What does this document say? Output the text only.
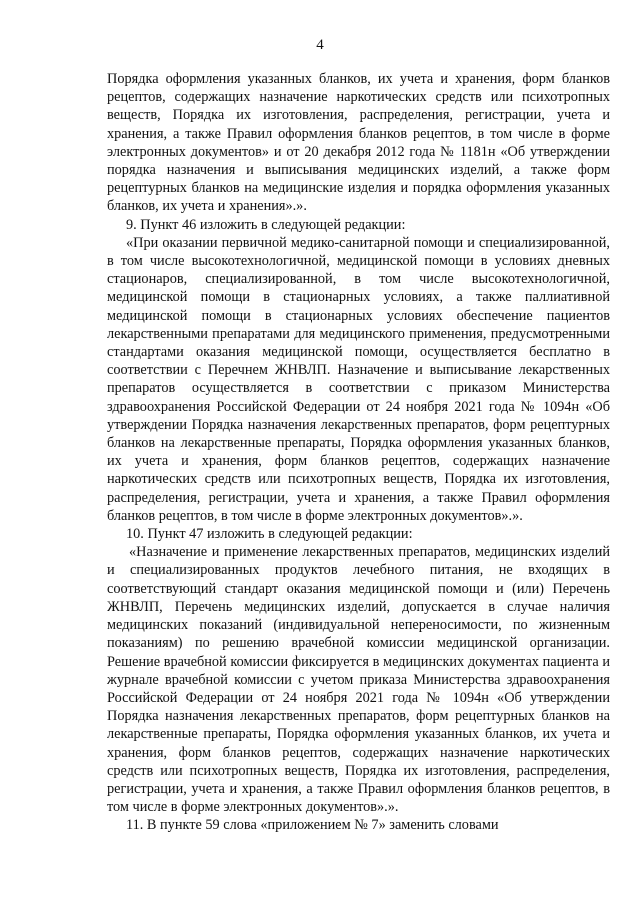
4

Порядка оформления указанных бланков, их учета и хранения, форм бланков рецептов, содержащих назначение наркотических средств или психотропных веществ, Порядка их изготовления, распределения, регистрации, учета и хранения, а также Правил оформления бланков рецептов, в том числе в форме электронных документов» и от 20 декабря 2012 года № 1181н «Об утверждении порядка назначения и выписывания медицинских изделий, а также форм рецептурных бланков на медицинские изделия и порядка оформления указанных бланков, их учета и хранения».».

9. Пункт 46 изложить в следующей редакции:

«При оказании первичной медико-санитарной помощи и специализированной, в том числе высокотехнологичной, медицинской помощи в условиях дневных стационаров, специализированной, в том числе высокотехнологичной, медицинской помощи в стационарных условиях, а также паллиативной медицинской помощи в стационарных условиях обеспечение пациентов лекарственными препаратами для медицинского применения, предусмотренными стандартами оказания медицинской помощи, осуществляется бесплатно в соответствии с Перечнем ЖНВЛП. Назначение и выписывание лекарственных препаратов осуществляется в соответствии с приказом Министерства здравоохранения Российской Федерации от 24 ноября 2021 года № 1094н «Об утверждении Порядка назначения лекарственных препаратов, форм рецептурных бланков на лекарственные препараты, Порядка оформления указанных бланков, их учета и хранения, форм бланков рецептов, содержащих назначение наркотических средств или психотропных веществ, Порядка их изготовления, распределения, регистрации, учета и хранения, а также Правил оформления бланков рецептов, в том числе в форме электронных документов».».

10. Пункт 47 изложить в следующей редакции:

«Назначение и применение лекарственных препаратов, медицинских изделий и специализированных продуктов лечебного питания, не входящих в соответствующий стандарт оказания медицинской помощи и (или) Перечень ЖНВЛП, Перечень медицинских изделий, допускается в случае наличия медицинских показаний (индивидуальной непереносимости, по жизненным показаниям) по решению врачебной комиссии медицинской организации. Решение врачебной комиссии фиксируется в медицинских документах пациента и журнале врачебной комиссии с учетом приказа Министерства здравоохранения Российской Федерации от 24 ноября 2021 года № 1094н «Об утверждении Порядка назначения лекарственных препаратов, форм рецептурных бланков на лекарственные препараты, Порядка оформления указанных бланков, их учета и хранения, форм бланков рецептов, содержащих назначение наркотических средств или психотропных веществ, Порядка их изготовления, распределения, регистрации, учета и хранения, а также Правил оформления бланков рецептов, в том числе в форме электронных документов».».

11. В пункте 59 слова «приложением № 7» заменить словами
